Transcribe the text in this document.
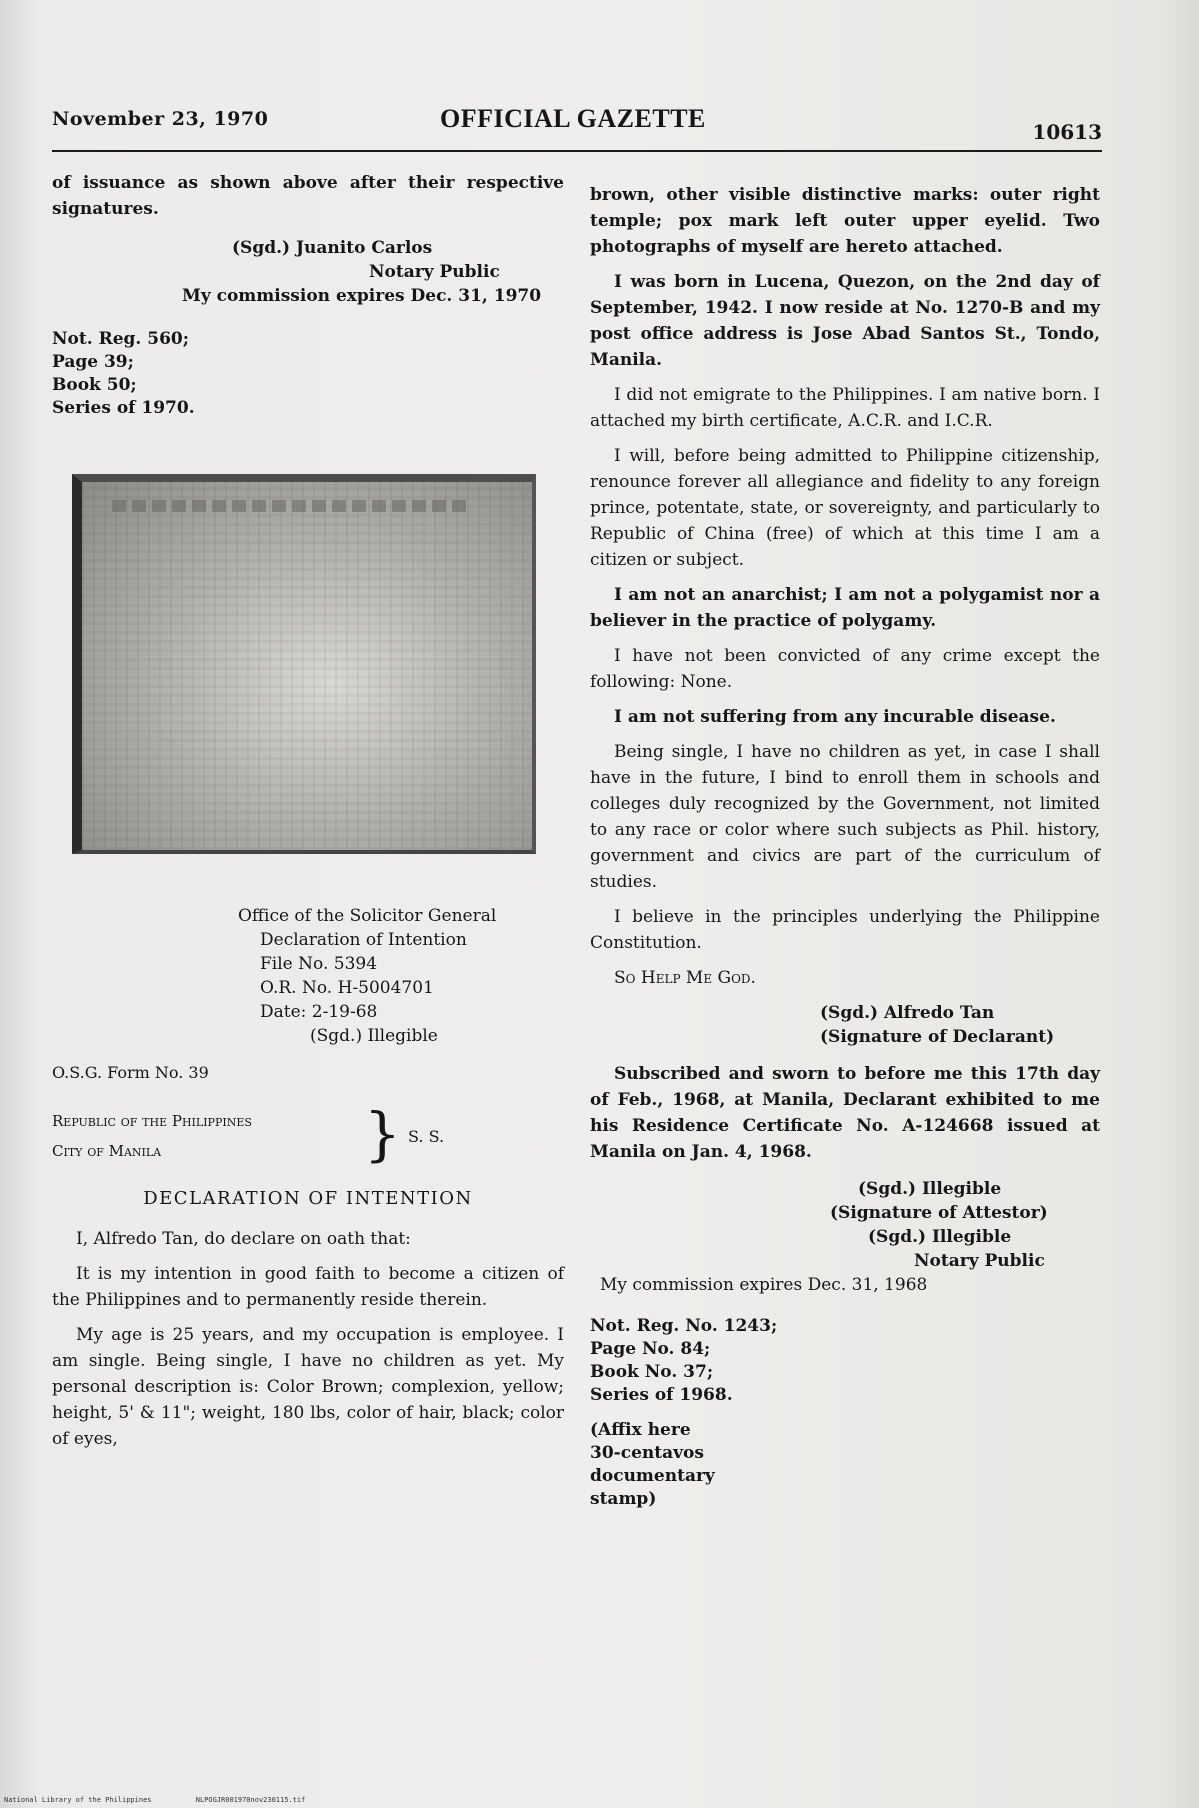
November 23, 1970	OFFICIAL GAZETTE	10613

of issuance as shown above after their respective signatures.

(Sgd.) Juanito Carlos
Notary Public
My commission expires Dec. 31, 1970
Not. Reg. 560;
Page 39;
Book 50;
Series of 1970.
Office of the Solicitor General
Declaration of Intention
File No. 5394
O.R. No. H-5004701
Date: 2-19-68
(Sgd.) Illegible
O.S.G. Form No. 39
Republic of the Philippines
City of Manila	} S. S.
DECLARATION OF INTENTION

I, Alfredo Tan, do declare on oath that:

It is my intention in good faith to become a citizen of the Philippines and to permanently reside therein.

My age is 25 years, and my occupation is employee. I am single. Being single, I have no children as yet. My personal description is: Color Brown; complexion, yellow; height, 5' & 11"; weight, 180 lbs, color of hair, black; color of eyes,

brown, other visible distinctive marks: outer right temple; pox mark left outer upper eyelid. Two photographs of myself are hereto attached.

I was born in Lucena, Quezon, on the 2nd day of September, 1942. I now reside at No. 1270-B and my post office address is Jose Abad Santos St., Tondo, Manila.

I did not emigrate to the Philippines. I am native born. I attached my birth certificate, A.C.R. and I.C.R.

I will, before being admitted to Philippine citizenship, renounce forever all allegiance and fidelity to any foreign prince, potentate, state, or sovereignty, and particularly to Republic of China (free) of which at this time I am a citizen or subject.

I am not an anarchist; I am not a polygamist nor a believer in the practice of polygamy.

I have not been convicted of any crime except the following: None.

I am not suffering from any incurable disease.

Being single, I have no children as yet, in case I shall have in the future, I bind to enroll them in schools and colleges duly recognized by the Government, not limited to any race or color where such subjects as Phil. history, government and civics are part of the curriculum of studies.

I believe in the principles underlying the Philippine Constitution.

So Help Me God.

(Sgd.) Alfredo Tan
(Signature of Declarant)

Subscribed and sworn to before me this 17th day of Feb., 1968, at Manila, Declarant exhibited to me his Residence Certificate No. A-124668 issued at Manila on Jan. 4, 1968.

(Sgd.) Illegible
(Signature of Attestor)
(Sgd.) Illegible
Notary Public
My commission expires Dec. 31, 1968
Not. Reg. No. 1243;
Page No. 84;
Book No. 37;
Series of 1968.
(Affix here
30-centavos
documentary
stamp)
National Library of the Philippines	NLPOGJR001970nov230115.tif
